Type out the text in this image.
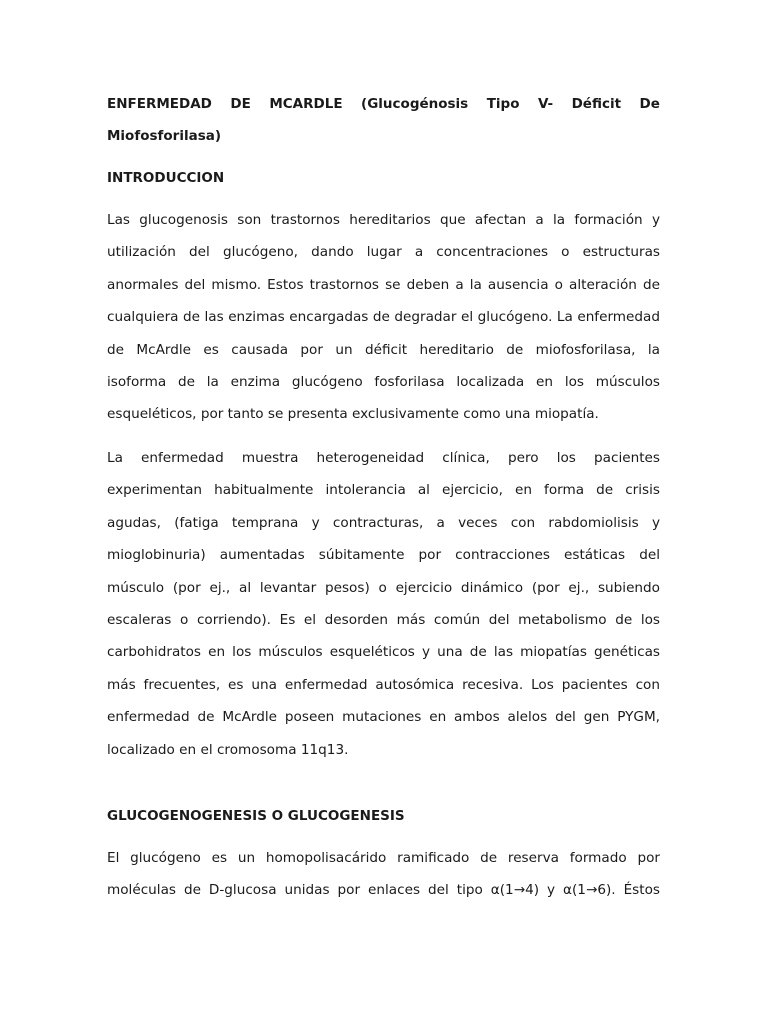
ENFERMEDAD DE MCARDLE (Glucogénosis Tipo V- Déficit De
Miofosforilasa)
INTRODUCCION
Las glucogenosis son trastornos hereditarios que afectan a la formación y
utilización del glucógeno, dando lugar a concentraciones o estructuras
anormales del mismo. Estos trastornos se deben a la ausencia o alteración de
cualquiera de las enzimas encargadas de degradar el glucógeno. La enfermedad
de McArdle es causada por un déficit hereditario de miofosforilasa, la
isoforma de la enzima glucógeno fosforilasa localizada en los músculos
esqueléticos, por tanto se presenta exclusivamente como una miopatía.
La enfermedad muestra heterogeneidad clínica, pero los pacientes
experimentan habitualmente intolerancia al ejercicio, en forma de crisis
agudas, (fatiga temprana y contracturas, a veces con rabdomiolisis y
mioglobinuria) aumentadas súbitamente por contracciones estáticas del
músculo (por ej., al levantar pesos) o ejercicio dinámico (por ej., subiendo
escaleras o corriendo). Es el desorden más común del metabolismo de los
carbohidratos en los músculos esqueléticos y una de las miopatías genéticas
más frecuentes, es una enfermedad autosómica recesiva. Los pacientes con
enfermedad de McArdle poseen mutaciones en ambos alelos del gen PYGM,
localizado en el cromosoma 11q13.
GLUCOGENOGENESIS O GLUCOGENESIS
El glucógeno es un homopolisacárido ramificado de reserva formado por
moléculas de D-glucosa unidas por enlaces del tipo α(1→4) y α(1→6). Éstos
